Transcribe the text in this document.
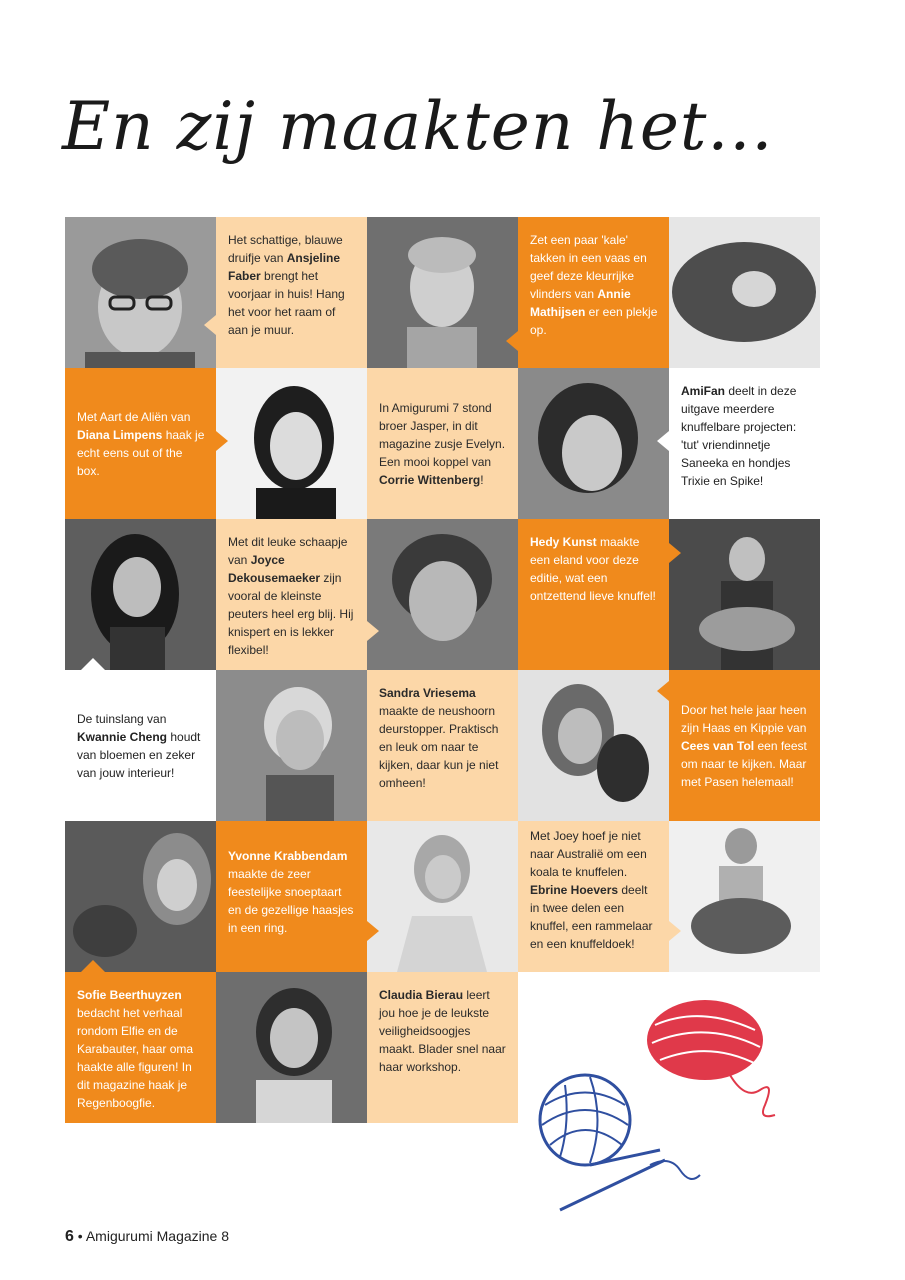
En zij maakten het...
Het schattige, blauwe druifje van Ansjeline Faber brengt het voorjaar in huis! Hang het voor het raam of aan je muur.
Zet een paar 'kale' takken in een vaas en geef deze kleurrijke vlinders van Annie Mathijsen er een plekje op.
Met Aart de Aliën van Diana Limpens haak je echt eens out of the box.
In Amigurumi 7 stond broer Jasper, in dit magazine zusje Evelyn. Een mooi koppel van Corrie Wittenberg!
AmiFan deelt in deze uitgave meerdere knuffelbare projecten: 'tut' vriendinnetje Saneeka en hondjes Trixie en Spike!
Met dit leuke schaapje van Joyce Dekousemaeker zijn vooral de kleinste peuters heel erg blij. Hij knispert en is lekker flexibel!
Hedy Kunst maakte een eland voor deze editie, wat een ontzettend lieve knuffel!
De tuinslang van Kwannie Cheng houdt van bloemen en zeker van jouw interieur!
Sandra Vriesema maakte de neushoorn deurstopper. Praktisch en leuk om naar te kijken, daar kun je niet omheen!
Door het hele jaar heen zijn Haas en Kippie van Cees van Tol een feest om naar te kijken. Maar met Pasen helemaal!
Yvonne Krabbendam maakte de zeer feestelijke snoeptaart en de gezellige haasjes in een ring.
Met Joey hoef je niet naar Australië om een koala te knuffelen. Ebrine Hoevers deelt in twee delen een knuffel, een rammelaar en een knuffeldoek!
Sofie Beerthuyzen bedacht het verhaal rondom Elfie en de Karabauter, haar oma haakte alle figuren! In dit magazine haak je Regenboogfie.
Claudia Bierau leert jou hoe je de leukste veiligheidsoogjes maakt. Blader snel naar haar workshop.
6 • Amigurumi Magazine 8
